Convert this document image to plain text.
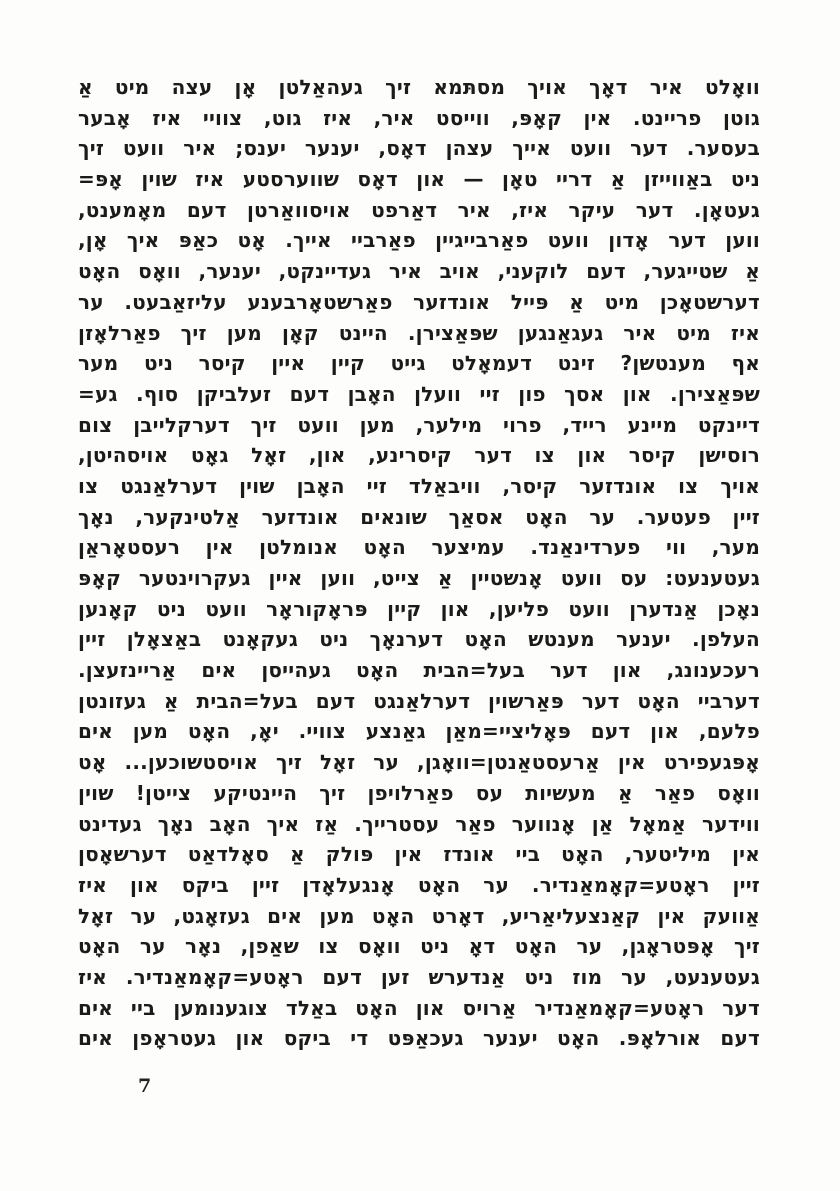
וואָלט איר דאָך אויך מסתּמא זיך געהאַלטן אָן עצה מיט אַ
גוטן פריינט. אין קאָפּ, ווייסט איר, איז גוט, צוויי איז אָבער
בעסער. דער וועט אייך עצהן דאָס, יענער יענס; איר וועט זיך
ניט באַווייזן אַ דריי טאָן — און דאָס שווערסטע איז שוין אָפּ=
געטאָן. דער עיקר איז, איר דאַרפט אויסוואַרטן דעם מאָמענט,
ווען דער אָדון וועט פאַרבייגיין פאַרביי אייך. אָט כאַפּ איך אָן,
אַ שטייגער, דעם לוקעני, אויב איר געדיינקט, יענער, וואָס האָט
דערשטאָכן מיט אַ פּייל אונדזער פאַרשטאָרבענע עליזאַבעט. ער
איז מיט איר געגאַנגען שפּאַצירן. היינט קאָן מען זיך פאַרלאָזן
אף מענטשן? זינט דעמאָלט גייט קיין איין קיסר ניט מער
שפּאַצירן. און אסך פון זיי וועלן האָבן דעם זעלביקן סוף. גע=
דיינקט מיינע רייד, פרוי מילער, מען וועט זיך דערקלייבן צום
רוסישן קיסר און צו דער קיסרינע, און, זאָל גאָט אויסהיטן,
אויך צו אונדזער קיסר, וויבאַלד זיי האָבן שוין דערלאַנגט צו
זיין פעטער. ער האָט אסאַך שונאים אונדזער אַלטינקער, נאָך
מער, ווי פערדינאַנד. עמיצער האָט אנומלטן אין רעסטאָראַן
געטענעט: עס וועט אָנשטיין אַ צייט, ווען איין געקרוינטער קאָפּ
נאָכן אַנדערן וועט פליען, און קיין פּראָקוראָר וועט ניט קאָנען
העלפן. יענער מענטש האָט דערנאָך ניט געקאָנט באַצאָלן זיין
רעכענונג, און דער בעל=הבית האָט געהייסן אים אַריינזעצן.
דערביי האָט דער פּאַרשוין דערלאַנגט דעם בעל=הבית אַ געזונטן
פלעם, און דעם פּאָליציי=מאַן גאַנצע צוויי. יאָ, האָט מען אים
אָפּגעפירט אין אַרעסטאַנטן=וואָגן, ער זאָל זיך אויסטשוכען... אָט
וואָס פאַר אַ מעשיות עס פאַרלויפן זיך היינטיקע צייטן! שוין
ווידער אַמאָל אַן אָנווער פאַר עסטרייך. אַז איך האָב נאָך געדינט
אין מיליטער, האָט ביי אונדז אין פּולק אַ סאָלדאַט דערשאָסן
זיין ראָטע=קאָמאַנדיר. ער האָט אָנגעלאָדן זיין ביקס און איז
אַוועק אין קאַנצעליאַריע, דאָרט האָט מען אים געזאָגט, ער זאָל
זיך אָפּטראָגן, ער האָט דאָ ניט וואָס צו שאַפן, נאָר ער האָט
געטענעט, ער מוז ניט אַנדערש זען דעם ראָטע=קאָמאַנדיר. איז
דער ראָטע=קאָמאַנדיר אַרויס און האָט באַלד צוגענומען ביי אים
דעם אורלאָפּ. האָט יענער געכאַפּט די ביקס און געטראָפן אים
7
